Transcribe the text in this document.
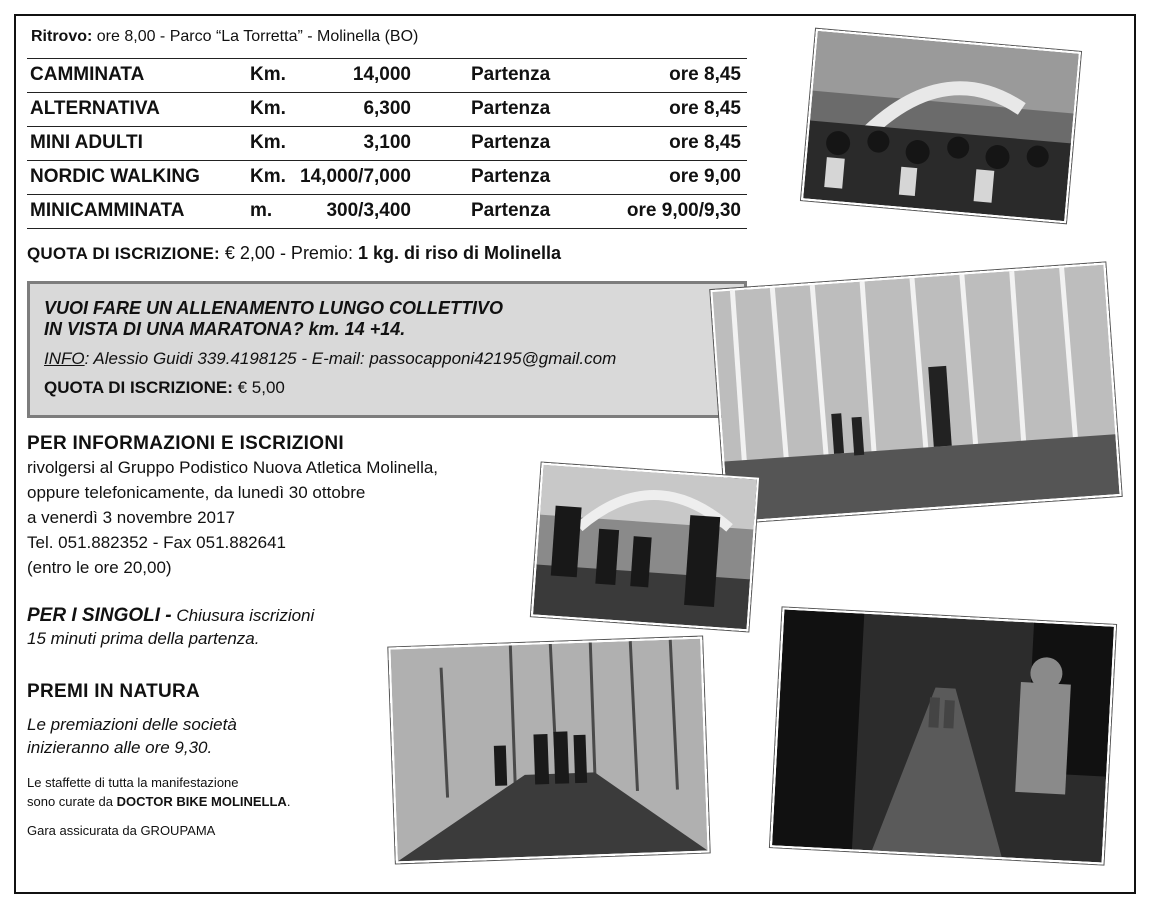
Ritrovo: ore 8,00 - Parco “La Torretta” - Molinella (BO)
CAMMINATA	Km.	14,000	Partenza	ore 8,45
ALTERNATIVA	Km.	6,300	Partenza	ore 8,45
MINI ADULTI	Km.	3,100	Partenza	ore 8,45
NORDIC WALKING	Km. 14,000/7,000	Partenza	ore 9,00
MINICAMMINATA	m.	300/3,400	Partenza	ore 9,00/9,30
QUOTA DI ISCRIZIONE: € 2,00 - Premio: 1 kg. di riso di Molinella
VUOI FARE UN ALLENAMENTO LUNGO COLLETTIVO
IN VISTA DI UNA MARATONA? km. 14 +14.
INFO: Alessio Guidi 339.4198125 - E-mail: passocapponi42195@gmail.com
QUOTA DI ISCRIZIONE: € 5,00
PER INFORMAZIONI E ISCRIZIONI
rivolgersi al Gruppo Podistico Nuova Atletica Molinella,
oppure telefonicamente, da lunedì 30 ottobre
a venerdì 3 novembre 2017
Tel. 051.882352 - Fax 051.882641
(entro le ore 20,00)
PER I SINGOLI - Chiusura iscrizioni
15 minuti prima della partenza.
PREMI IN NATURA
Le premiazioni delle società
inizieranno alle ore 9,30.
Le staffette di tutta la manifestazione
sono curate da DOCTOR BIKE MOLINELLA.
Gara assicurata da GROUPAMA
